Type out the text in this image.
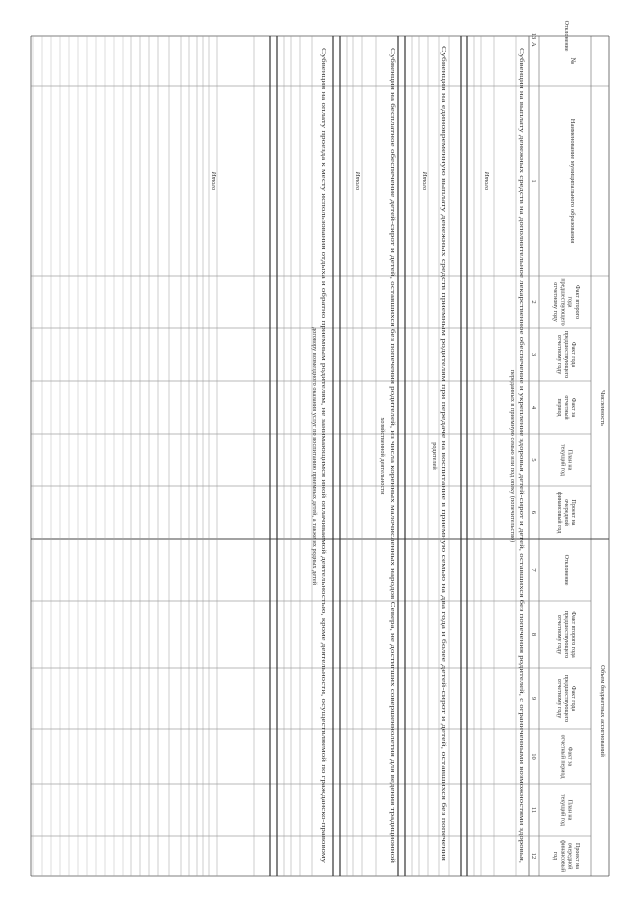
№
Наименование муниципального образования
Численность
Объем бюджетных ассигнований
Факт второгогодапредшествующегоотчетному году
Факт годапредшествующегоотчетному году
Факт заотчетныйпериод
План натекущий год
Проект наочереднойфинансовый год
Отклонение
Факт второго годапредшествующегоотчетному году
Факт годапредшествующегоотчетному году
Факт заотчетный период
План натекущий год
Проект наочереднойфинансовыйгод
Отклонение
А
1
2
3
4
5
6
7
8
9
10
11
12
13
Субвенция на выплату денежных средств на дополнительное лекарственное обеспечение и укрепление здоровья детей-сирот и детей, оставшихся без попечения родителей, с ограниченными возможностями здоровья,
переданных в приемную семью или под опеку (попечительство)
Итого
Субвенция на единовременную выплату денежных средств приемным родителям при передаче на воспитание в приемную семью на два года и более детей-сирот и детей, оставшихся без попечения
родителей
Итого
Субвенция на бесплатное обеспечение детей-сирот и детей, оставшихся без попечения родителей, из числа коренных малочисленных народов Севера, не достигших совершеннолетия для ведения традиционной
хозяйственной деятельности
Итого
Субвенция на оплату проезда к месту использования отдыха и обратно приемным родителям, не занимающимся иной оплачиваемой деятельностью, кроме деятельности, осуществляемой по гражданско-правовому
договору возмездного оказания услуг по воспитанию приемных детей, а также их родных детей
Итого
